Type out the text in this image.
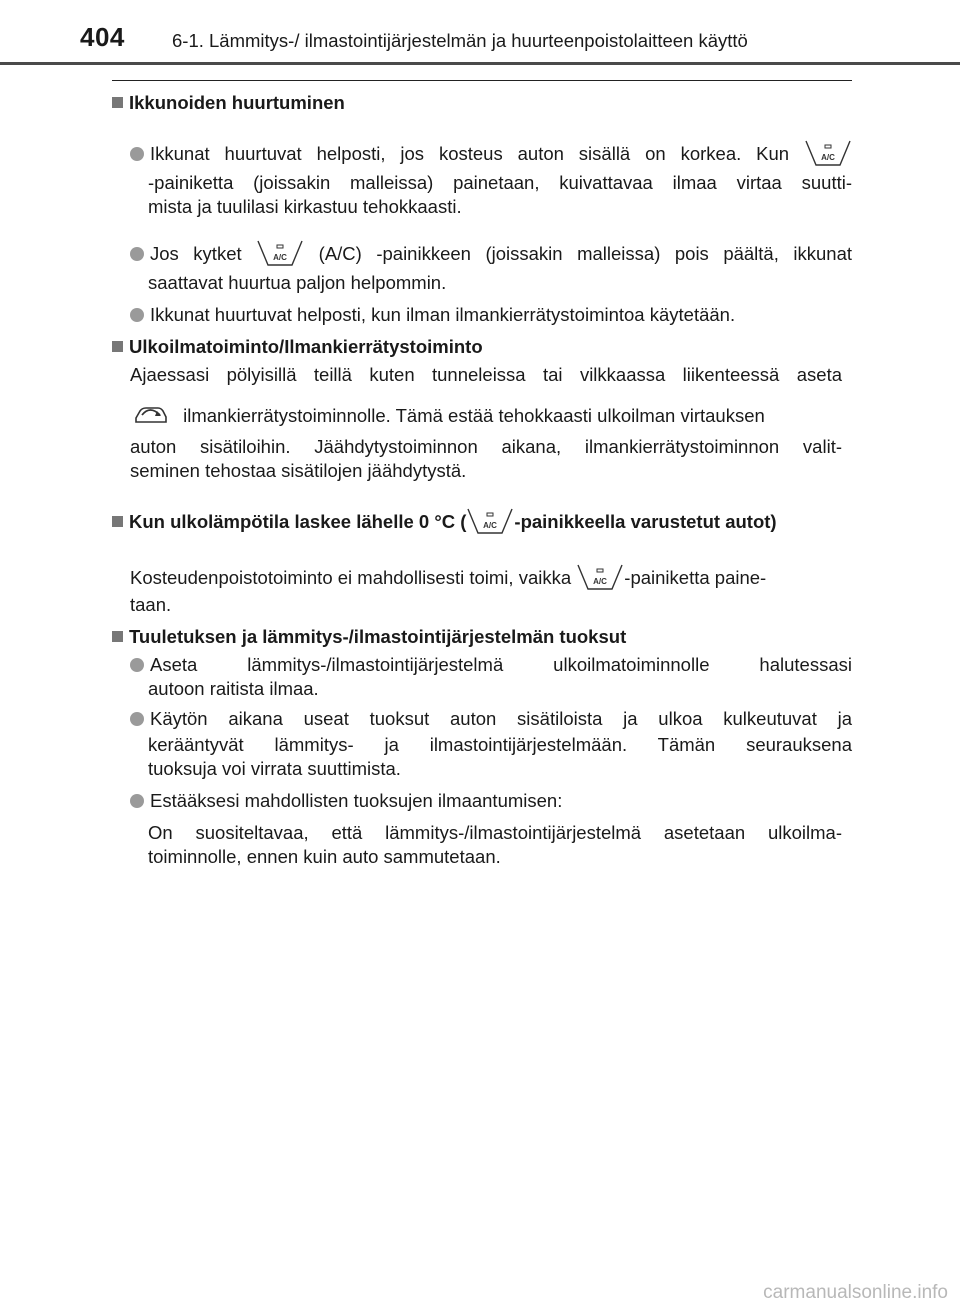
404	6-1. Lämmitys-/ ilmastointijärjestelmän ja huurteenpoistolaitteen käyttö
Ikkunoiden huurtuminen
Ikkunat huurtuvat helposti, jos kosteus auton sisällä on korkea. Kun	A/C
-painiketta (joissakin malleissa) painetaan, kuivattavaa ilmaa virtaa suutti-
mista ja tuulilasi kirkastuu tehokkaasti.
Jos kytket	A/C (A/C) -painikkeen (joissakin malleissa) pois päältä, ikkunat
saattavat huurtua paljon helpommin.
Ikkunat huurtuvat helposti, kun ilman ilmankierrätystoimintoa käytetään.
Ulkoilmatoiminto/Ilmankierrätystoiminto
Ajaessasi pölyisillä teillä kuten tunneleissa tai vilkkaassa liikenteessä aseta
ilmankierrätystoiminnolle. Tämä estää tehokkaasti ulkoilman virtauksen
auton sisätiloihin. Jäähdytystoiminnon aikana, ilmankierrätystoiminnon valit-
seminen tehostaa sisätilojen jäähdytystä.
Kun ulkolämpötila laskee lähelle 0 °C ( A/C -painikkeella varustetut autot)
Kosteudenpoistotoiminto ei mahdollisesti toimi, vaikka	A/C -painiketta paine-
taan.
Tuuletuksen ja lämmitys-/ilmastointijärjestelmän tuoksut
Aseta lämmitys-/ilmastointijärjestelmä ulkoilmatoiminnolle halutessasi
autoon raitista ilmaa.
Käytön aikana useat tuoksut auton sisätiloista ja ulkoa kulkeutuvat ja
kerääntyvät lämmitys- ja ilmastointijärjestelmään. Tämän seurauksena
tuoksuja voi virrata suuttimista.
Estääksesi mahdollisten tuoksujen ilmaantumisen:
On suositeltavaa, että lämmitys-/ilmastointijärjestelmä asetetaan ulkoilma-
toiminnolle, ennen kuin auto sammutetaan.
carmanualsonline.info
